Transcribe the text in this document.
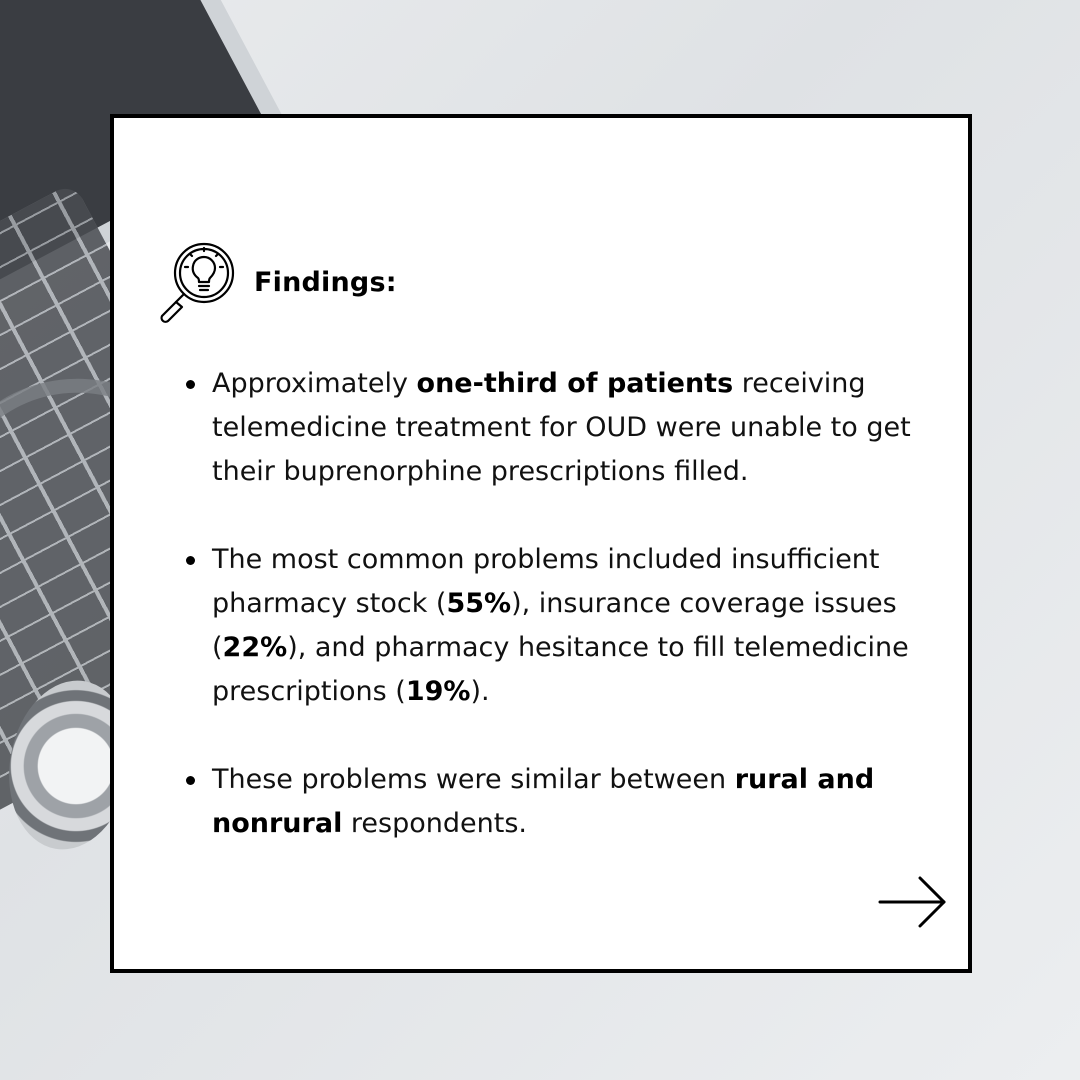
Findings:
Approximately one-third of patients receiving telemedicine treatment for OUD were unable to get their buprenorphine prescriptions filled.
The most common problems included insufficient pharmacy stock (55%), insurance coverage issues (22%), and pharmacy hesitance to fill telemedicine prescriptions (19%).
These problems were similar between rural and nonrural respondents.
